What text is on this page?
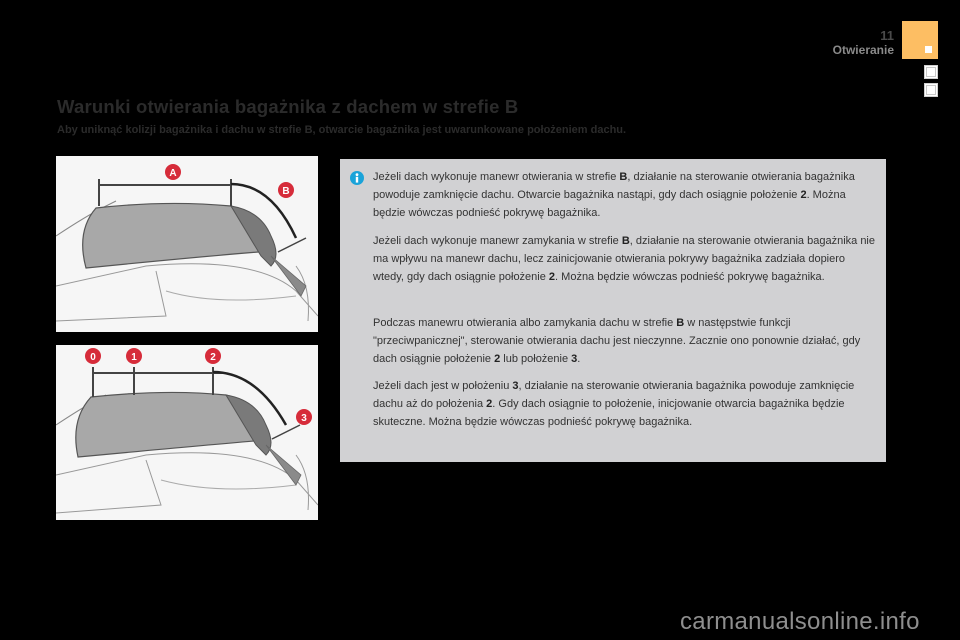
11
Otwieranie
Warunki otwierania bagażnika z dachem w strefie B
Aby uniknąć kolizji bagażnika i dachu w strefie B, otwarcie bagażnika jest uwarunkowane położeniem dachu.
A
B
0	1	2
3
Jeżeli dach wykonuje manewr otwierania w strefie B, działanie na sterowanie otwierania bagażnika powoduje zamknięcie dachu. Otwarcie bagażnika nastąpi, gdy dach osiągnie położenie 2. Można będzie wówczas podnieść pokrywę bagażnika.
Jeżeli dach wykonuje manewr zamykania w strefie B, działanie na sterowanie otwierania bagażnika nie ma wpływu na manewr dachu, lecz zainicjowanie otwierania pokrywy bagażnika zadziała dopiero wtedy, gdy dach osiągnie położenie 2. Można będzie wówczas podnieść pokrywę bagażnika.
Podczas manewru otwierania albo zamykania dachu w strefie B w następstwie funkcji "przeciwpanicznej", sterowanie otwierania dachu jest nieczynne. Zacznie ono ponownie działać, gdy dach osiągnie położenie 2 lub położenie 3.
Jeżeli dach jest w położeniu 3, działanie na sterowanie otwierania bagażnika powoduje zamknięcie dachu aż do położenia 2. Gdy dach osiągnie to położenie, inicjowanie otwarcia bagażnika będzie skuteczne. Można będzie wówczas podnieść pokrywę bagażnika.
carmanualsonline.info
